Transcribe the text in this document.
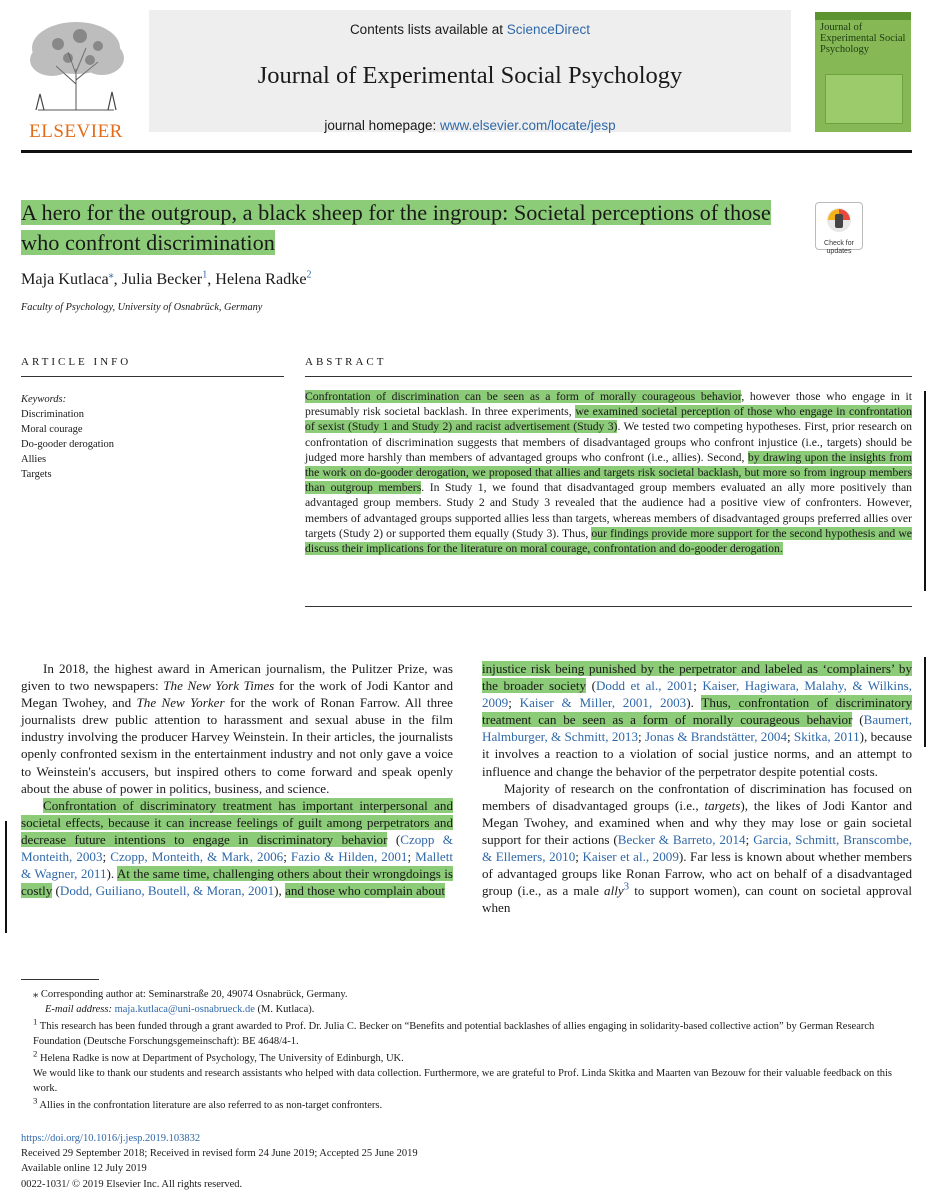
ELSEVIER
Contents lists available at ScienceDirect
Journal of Experimental Social Psychology
journal homepage: www.elsevier.com/locate/jesp
Journal of Experimental Social Psychology
A hero for the outgroup, a black sheep for the ingroup: Societal perceptions of those who confront discrimination	Check for updates
Maja Kutlaca⁎, Julia Becker$^1$, Helena Radke$^2$
Faculty of Psychology, University of Osnabrück, Germany
ARTICLE INFO	ABSTRACT
Keywords:
Discrimination
Moral courage
Do-gooder derogation
Allies
Targets
Confrontation of discrimination can be seen as a form of morally courageous behavior, however those who engage in it presumably risk societal backlash. In three experiments, we examined societal perception of those who engage in confrontation of sexist (Study 1 and Study 2) and racist advertisement (Study 3). We tested two competing hypotheses. First, prior research on confrontation of discrimination suggests that members of disadvantaged groups who confront injustice (i.e., targets) should be judged more harshly than members of advantaged groups who confront (i.e., allies). Second, by drawing upon the insights from the work on do-gooder derogation, we proposed that allies and targets risk societal backlash, but more so from ingroup members than outgroup members. In Study 1, we found that disadvantaged group members evaluated an ally more positively than advantaged group members. Study 2 and Study 3 revealed that the audience had a positive view of confronters. However, members of advantaged groups supported allies less than targets, whereas members of disadvantaged groups preferred allies over targets (Study 2) or supported them equally (Study 3). Thus, our findings provide more support for the second hypothesis and we discuss their implications for the literature on moral courage, confrontation and do-gooder derogation.

In 2018, the highest award in American journalism, the Pulitzer Prize, was given to two newspapers: The New York Times for the work of Jodi Kantor and Megan Twohey, and The New Yorker for the work of Ronan Farrow. All three journalists drew public attention to harassment and sexual abuse in the film industry involving the producer Harvey Weinstein. In their articles, the journalists openly confronted sexism in the entertainment industry and not only gave a voice to Weinstein's accusers, but inspired others to come forward and speak openly about the abuse of power in politics, business, and science.

Confrontation of discriminatory treatment has important interpersonal and societal effects, because it can increase feelings of guilt among perpetrators and decrease future intentions to engage in discriminatory behavior (Czopp & Monteith, 2003; Czopp, Monteith, & Mark, 2006; Fazio & Hilden, 2001; Mallett & Wagner, 2011). At the same time, challenging others about their wrongdoings is costly (Dodd, Guiliano, Boutell, & Moran, 2001), and those who complain about

injustice risk being punished by the perpetrator and labeled as ‘complainers’ by the broader society (Dodd et al., 2001; Kaiser, Hagiwara, Malahy, & Wilkins, 2009; Kaiser & Miller, 2001, 2003). Thus, confrontation of discriminatory treatment can be seen as a form of morally courageous behavior (Baumert, Halmburger, & Schmitt, 2013; Jonas & Brandstätter, 2004; Skitka, 2011), because it involves a reaction to a violation of social justice norms, and an attempt to influence and change the behavior of the perpetrator despite potential costs.

Majority of research on the confrontation of discrimination has focused on members of disadvantaged groups (i.e., targets), the likes of Jodi Kantor and Megan Twohey, and examined when and why they may lose or gain societal support for their actions (Becker & Barreto, 2014; Garcia, Schmitt, Branscombe, & Ellemers, 2010; Kaiser et al., 2009). Far less is known about whether members of advantaged groups like Ronan Farrow, who act on behalf of a disadvantaged group (i.e., as a male ally$^3$ to support women), can count on societal approval when

⁎ Corresponding author at: Seminarstraße 20, 49074 Osnabrück, Germany.

E-mail address: maja.kutlaca@uni-osnabrueck.de (M. Kutlaca).

$^1$ This research has been funded through a grant awarded to Prof. Dr. Julia C. Becker on “Benefits and potential backlashes of allies engaging in solidarity-based collective action” by German Research Foundation (Deutsche Forschungsgemeinschaft): BE 4648/4-1.

$^2$ Helena Radke is now at Department of Psychology, The University of Edinburgh, UK.

We would like to thank our students and research assistants who helped with data collection. Furthermore, we are grateful to Prof. Linda Skitka and Maarten van Bezouw for their valuable feedback on this work.

$^3$ Allies in the confrontation literature are also referred to as non-target confronters.

https://doi.org/10.1016/j.jesp.2019.103832
Received 29 September 2018; Received in revised form 24 June 2019; Accepted 25 June 2019
Available online 12 July 2019
0022-1031/ © 2019 Elsevier Inc. All rights reserved.
